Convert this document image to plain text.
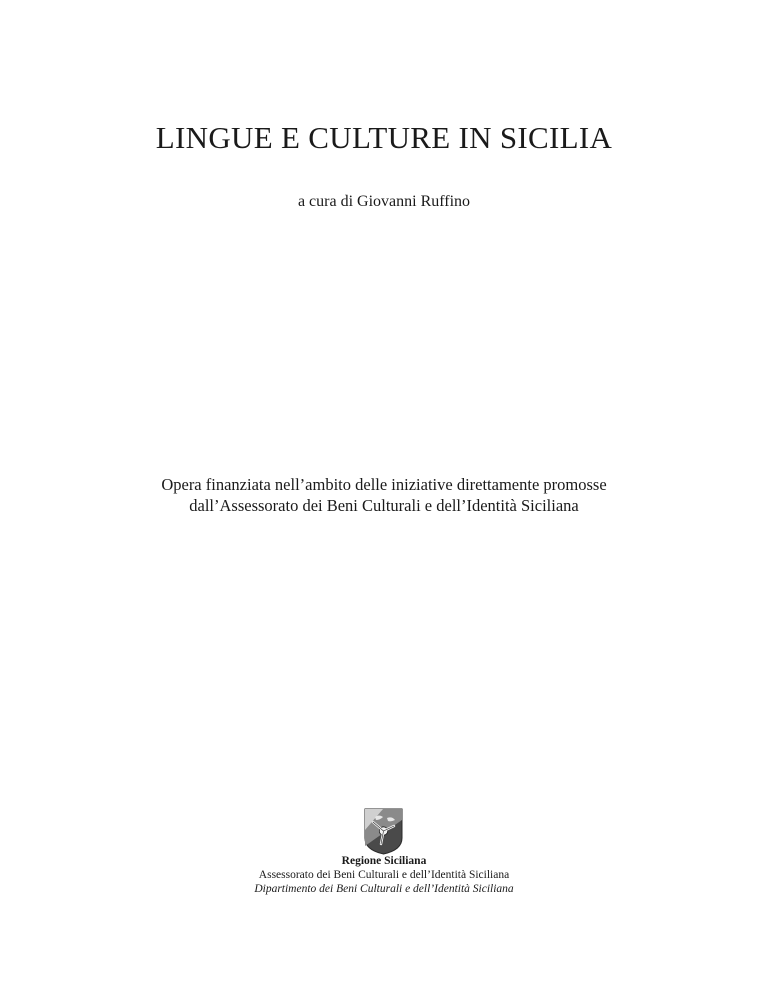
LINGUE E CULTURE IN SICILIA
a cura di Giovanni Ruffino
Opera finanziata nell’ambito delle iniziative direttamente promosse
dall’Assessorato dei Beni Culturali e dell’Identità Siciliana
Regione Siciliana
Assessorato dei Beni Culturali e dell’Identità Siciliana
Dipartimento dei Beni Culturali e dell’Identità Siciliana
